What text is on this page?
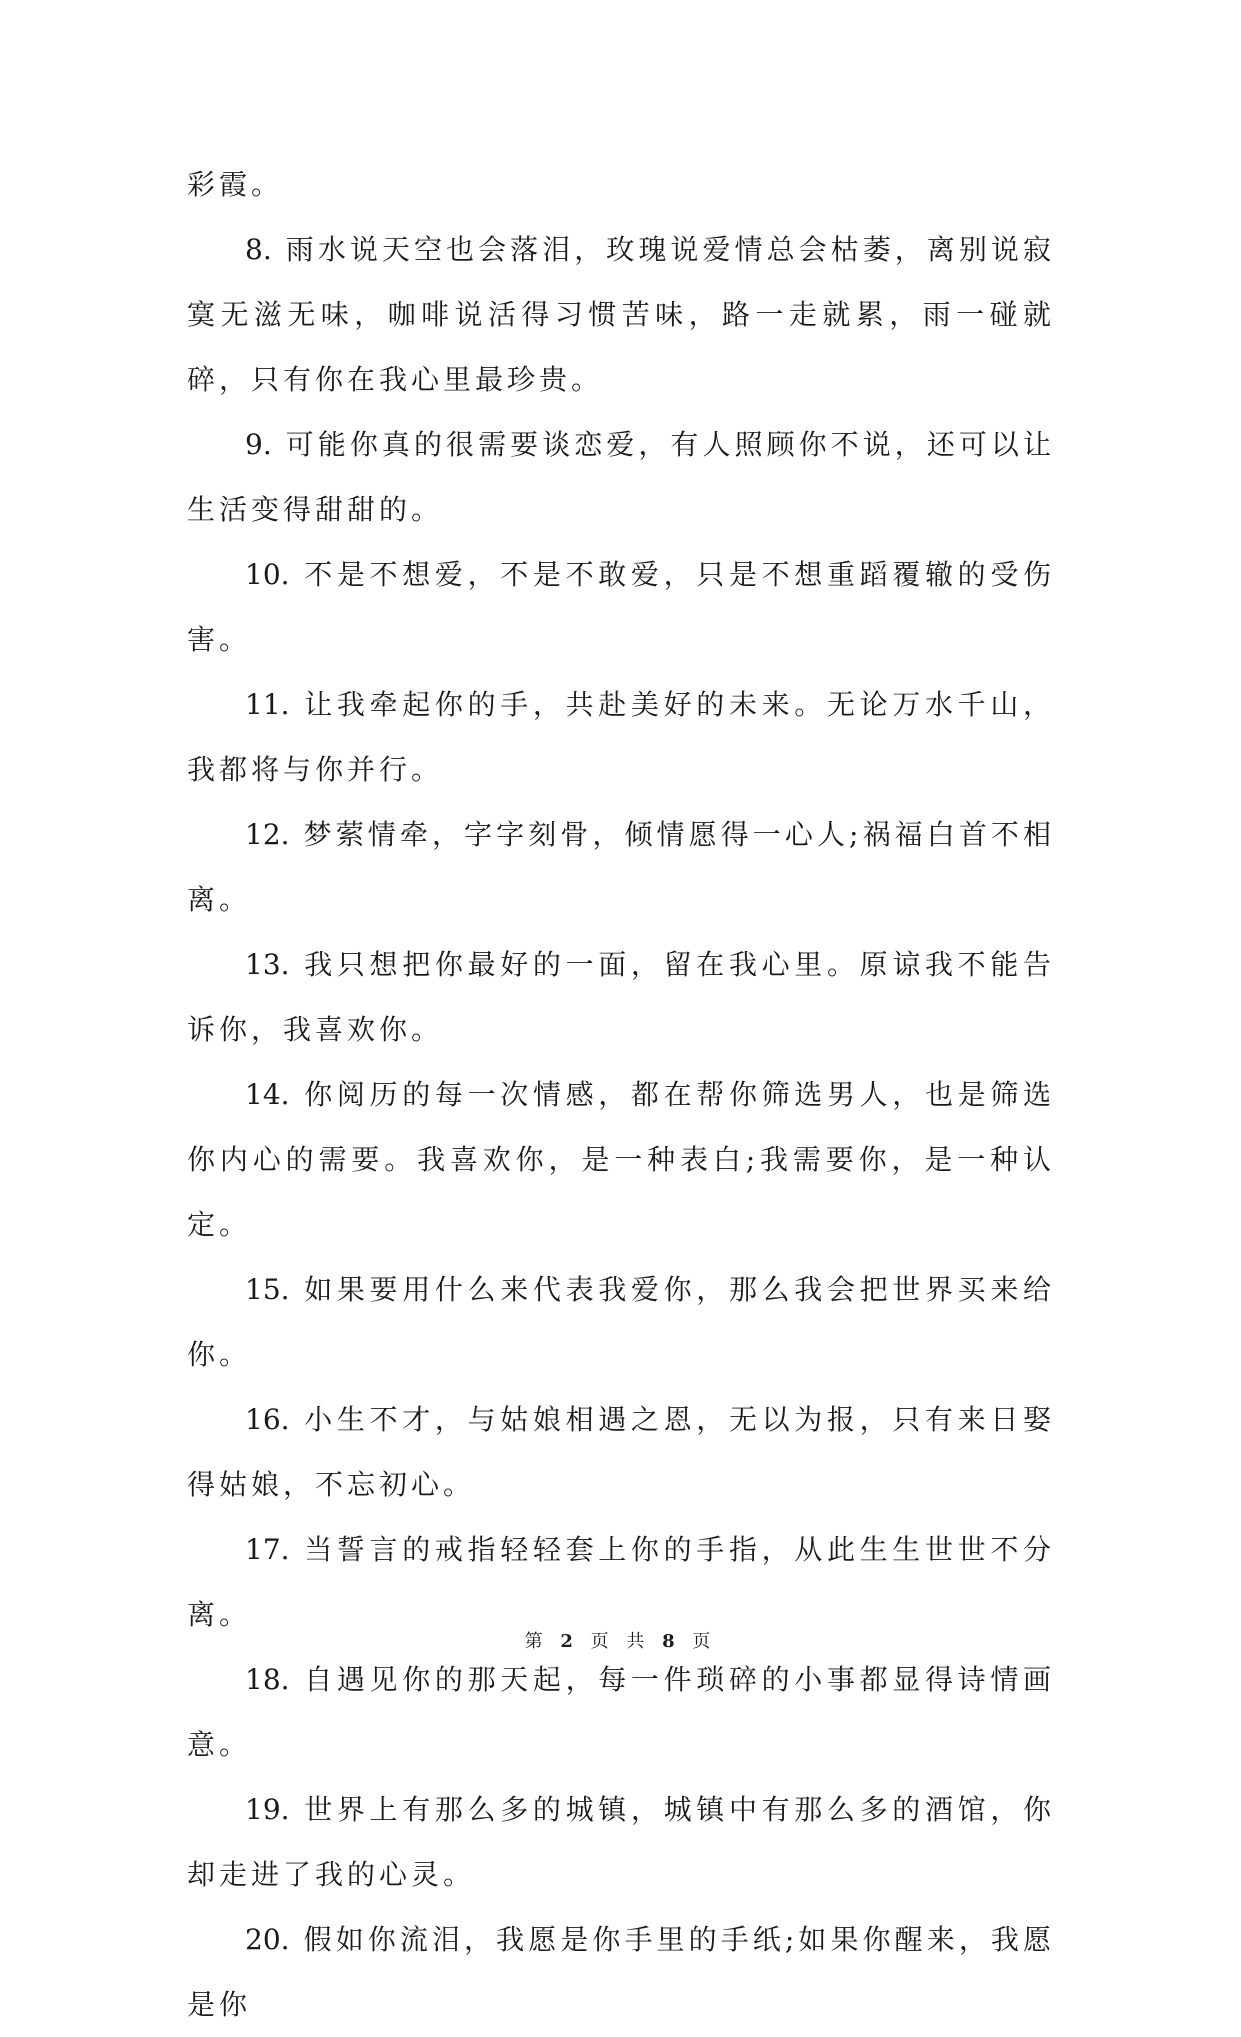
彩霞。

8. 雨水说天空也会落泪，玫瑰说爱情总会枯萎，离别说寂寞无滋无味，咖啡说活得习惯苦味，路一走就累，雨一碰就碎，只有你在我心里最珍贵。

9. 可能你真的很需要谈恋爱，有人照顾你不说，还可以让生活变得甜甜的。

10. 不是不想爱，不是不敢爱，只是不想重蹈覆辙的受伤害。

11. 让我牵起你的手，共赴美好的未来。无论万水千山，我都将与你并行。

12. 梦萦情牵，字字刻骨，倾情愿得一心人;祸福白首不相离。

13. 我只想把你最好的一面，留在我心里。原谅我不能告诉你，我喜欢你。

14. 你阅历的每一次情感，都在帮你筛选男人，也是筛选你内心的需要。我喜欢你，是一种表白;我需要你，是一种认定。

15. 如果要用什么来代表我爱你，那么我会把世界买来给你。

16. 小生不才，与姑娘相遇之恩，无以为报，只有来日娶得姑娘，不忘初心。

17. 当誓言的戒指轻轻套上你的手指，从此生生世世不分离。

18. 自遇见你的那天起，每一件琐碎的小事都显得诗情画意。

19. 世界上有那么多的城镇，城镇中有那么多的酒馆，你却走进了我的心灵。

20. 假如你流泪，我愿是你手里的手纸;如果你醒来，我愿是你

第 2 页 共 8 页
